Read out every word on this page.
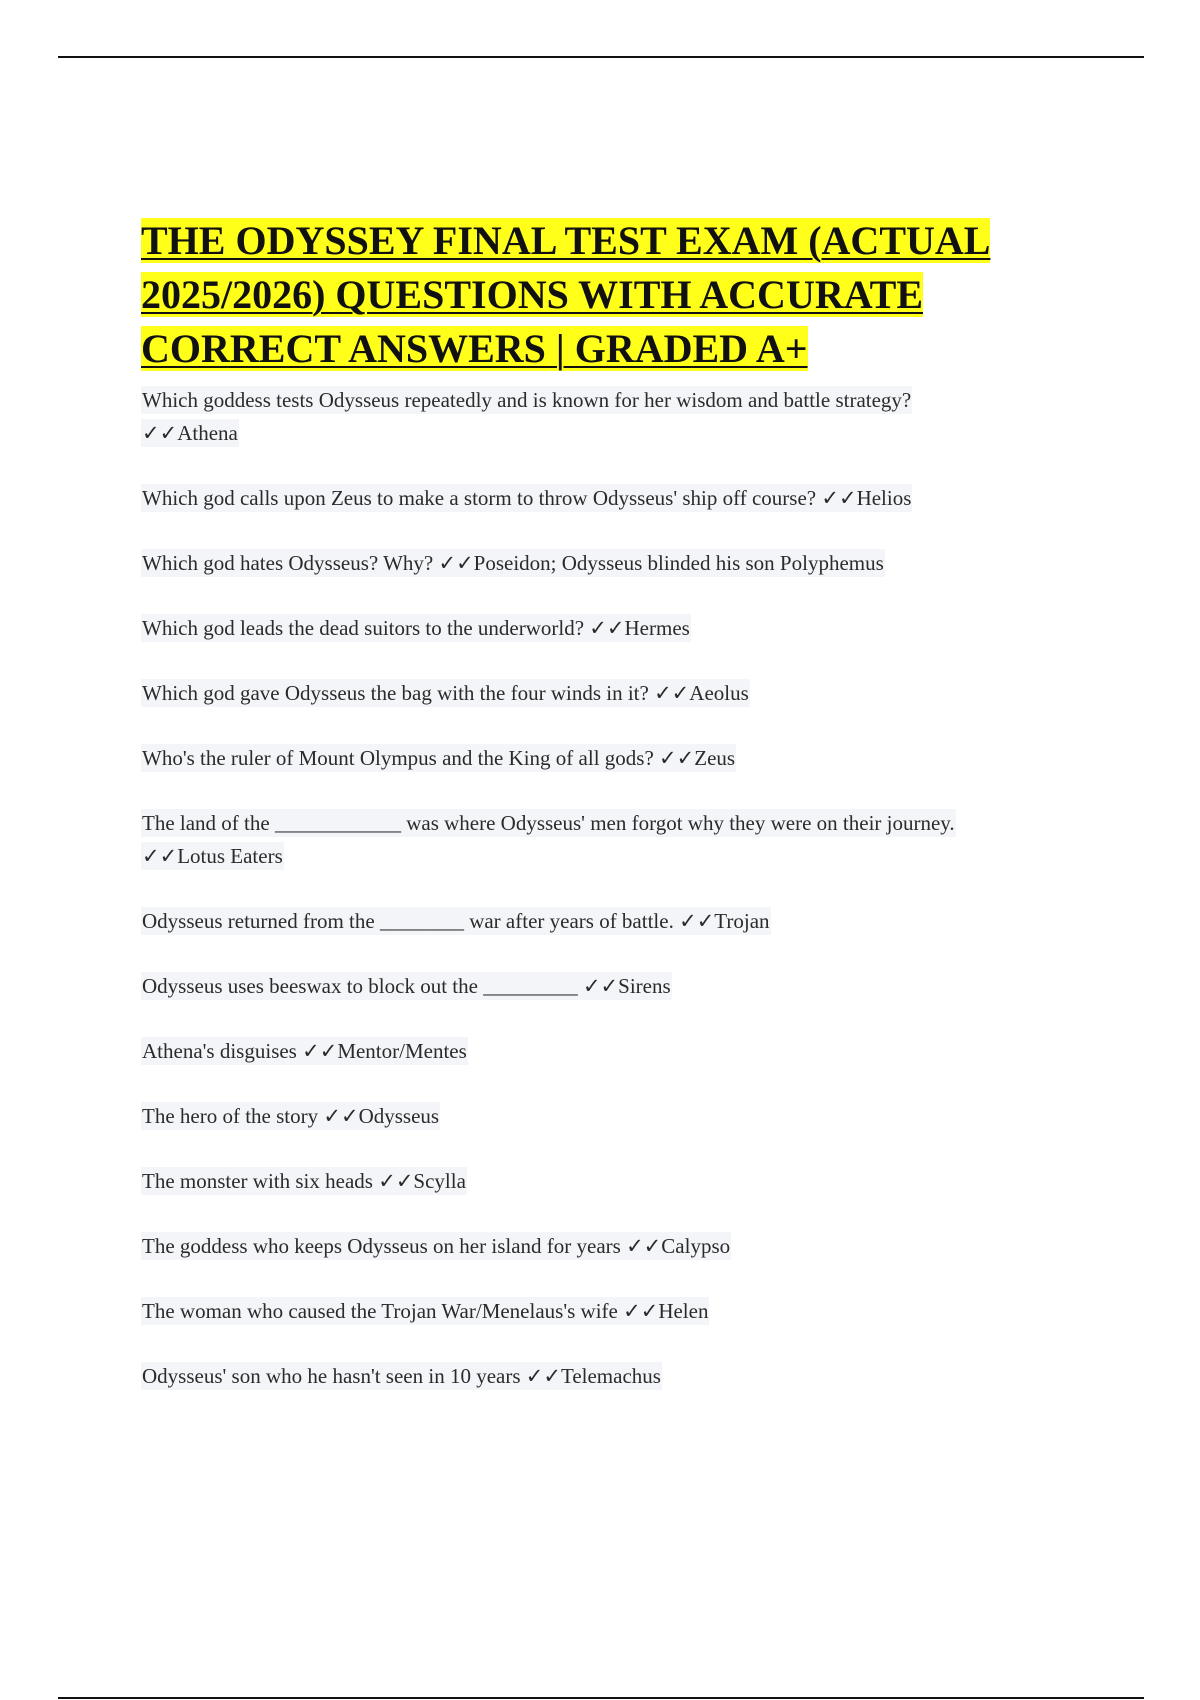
THE ODYSSEY FINAL TEST EXAM (ACTUAL 2025/2026) QUESTIONS WITH ACCURATE CORRECT ANSWERS | GRADED A+
Which goddess tests Odysseus repeatedly and is known for her wisdom and battle strategy?
✓✓Athena
Which god calls upon Zeus to make a storm to throw Odysseus' ship off course? ✓✓Helios
Which god hates Odysseus? Why? ✓✓Poseidon; Odysseus blinded his son Polyphemus
Which god leads the dead suitors to the underworld? ✓✓Hermes
Which god gave Odysseus the bag with the four winds in it? ✓✓Aeolus
Who's the ruler of Mount Olympus and the King of all gods? ✓✓Zeus
The land of the ____________ was where Odysseus' men forgot why they were on their journey.
✓✓Lotus Eaters
Odysseus returned from the ________ war after years of battle. ✓✓Trojan
Odysseus uses beeswax to block out the _________ ✓✓Sirens
Athena's disguises ✓✓Mentor/Mentes
The hero of the story ✓✓Odysseus
The monster with six heads ✓✓Scylla
The goddess who keeps Odysseus on her island for years ✓✓Calypso
The woman who caused the Trojan War/Menelaus's wife ✓✓Helen
Odysseus' son who he hasn't seen in 10 years ✓✓Telemachus
